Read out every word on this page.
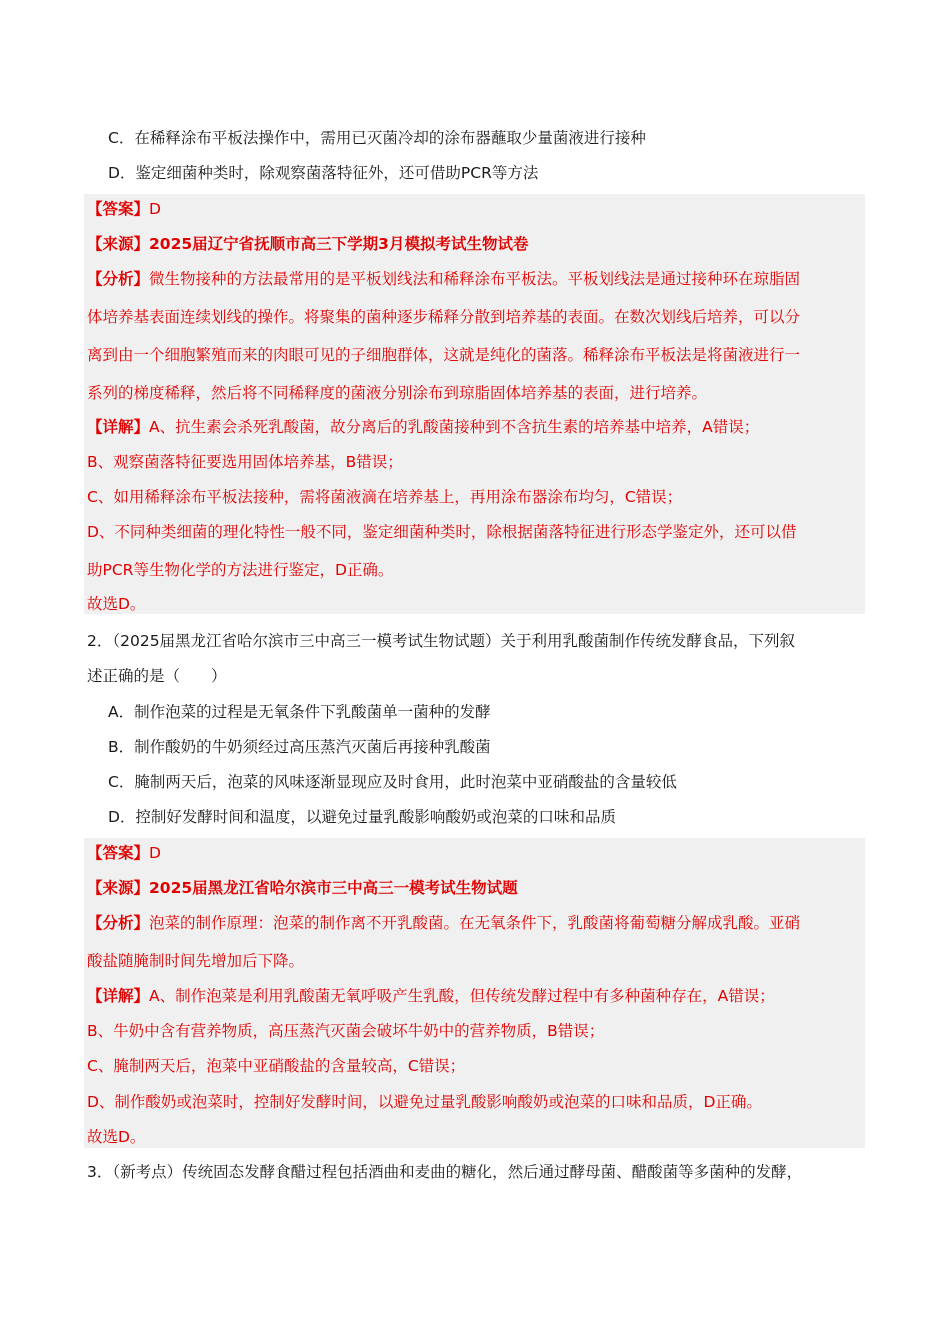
C．在稀释涂布平板法操作中，需用已灭菌冷却的涂布器蘸取少量菌液进行接种
D．鉴定细菌种类时，除观察菌落特征外，还可借助PCR等方法
【答案】D
【来源】2025届辽宁省抚顺市高三下学期3月模拟考试生物试卷
【分析】微生物接种的方法最常用的是平板划线法和稀释涂布平板法。平板划线法是通过接种环在琼脂固
体培养基表面连续划线的操作。将聚集的菌种逐步稀释分散到培养基的表面。在数次划线后培养，可以分
离到由一个细胞繁殖而来的肉眼可见的子细胞群体，这就是纯化的菌落。稀释涂布平板法是将菌液进行一
系列的梯度稀释，然后将不同稀释度的菌液分别涂布到琼脂固体培养基的表面，进行培养。
【详解】A、抗生素会杀死乳酸菌，故分离后的乳酸菌接种到不含抗生素的培养基中培养，A错误；
B、观察菌落特征要选用固体培养基，B错误；
C、如用稀释涂布平板法接种，需将菌液滴在培养基上，再用涂布器涂布均匀，C错误；
D、不同种类细菌的理化特性一般不同，鉴定细菌种类时，除根据菌落特征进行形态学鉴定外，还可以借
助PCR等生物化学的方法进行鉴定，D正确。
故选D。
2．（2025届黑龙江省哈尔滨市三中高三一模考试生物试题）关于利用乳酸菌制作传统发酵食品，下列叙
述正确的是（　　）
A．制作泡菜的过程是无氧条件下乳酸菌单一菌种的发酵
B．制作酸奶的牛奶须经过高压蒸汽灭菌后再接种乳酸菌
C．腌制两天后，泡菜的风味逐渐显现应及时食用，此时泡菜中亚硝酸盐的含量较低
D．控制好发酵时间和温度，以避免过量乳酸影响酸奶或泡菜的口味和品质
【答案】D
【来源】2025届黑龙江省哈尔滨市三中高三一模考试生物试题
【分析】泡菜的制作原理：泡菜的制作离不开乳酸菌。在无氧条件下，乳酸菌将葡萄糖分解成乳酸。亚硝
酸盐随腌制时间先增加后下降。
【详解】A、制作泡菜是利用乳酸菌无氧呼吸产生乳酸，但传统发酵过程中有多种菌种存在，A错误；
B、牛奶中含有营养物质，高压蒸汽灭菌会破坏牛奶中的营养物质，B错误；
C、腌制两天后，泡菜中亚硝酸盐的含量较高，C错误；
D、制作酸奶或泡菜时，控制好发酵时间，以避免过量乳酸影响酸奶或泡菜的口味和品质，D正确。
故选D。
3．（新考点）传统固态发酵食醋过程包括酒曲和麦曲的糖化，然后通过酵母菌、醋酸菌等多菌种的发酵，
